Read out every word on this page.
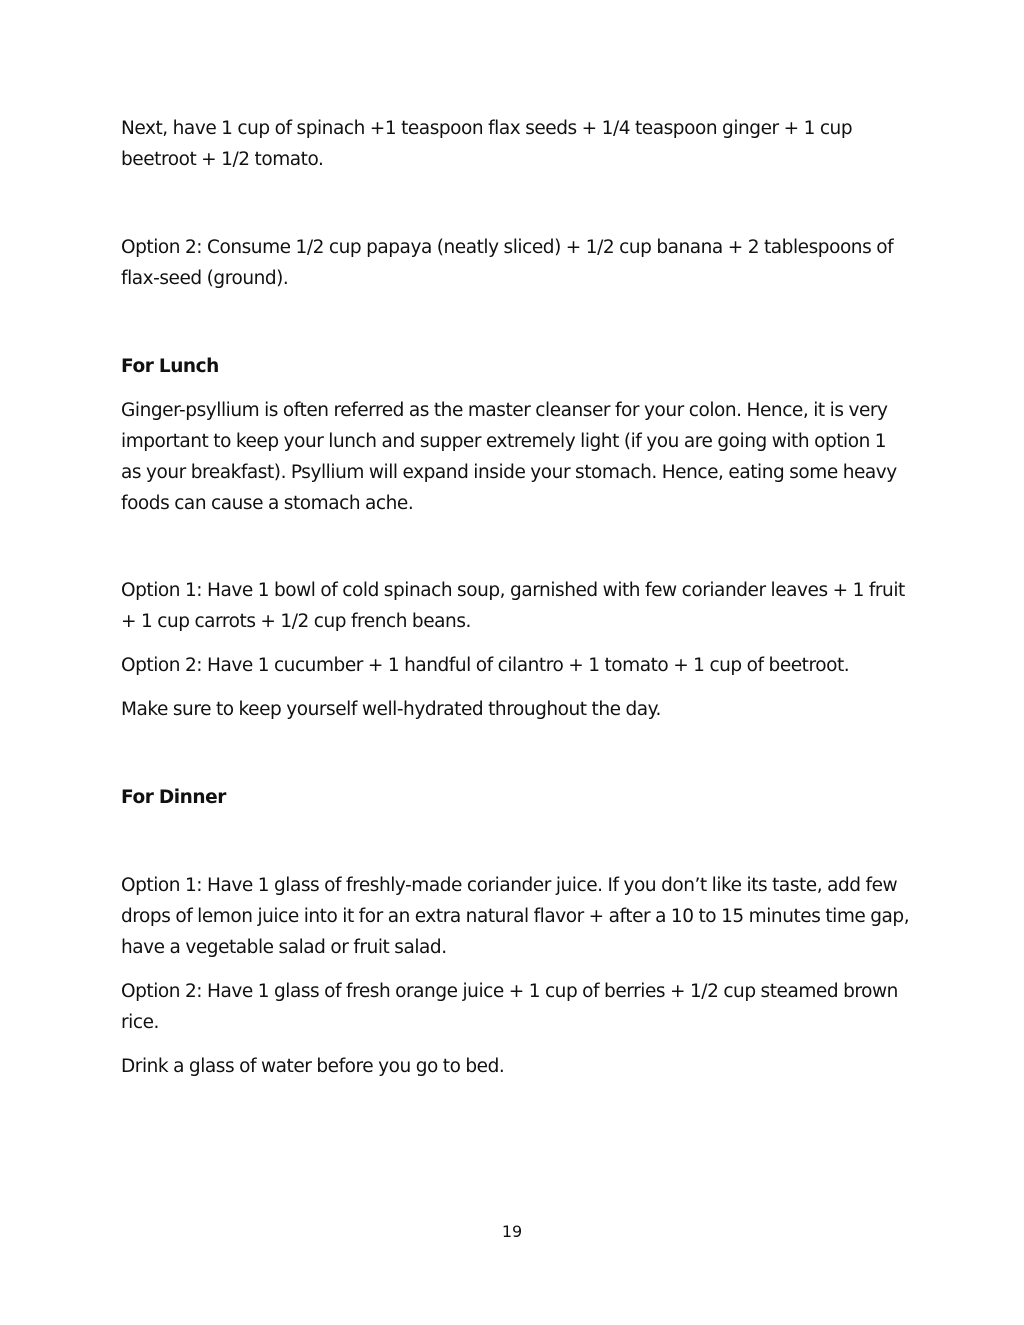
Next, have 1 cup of spinach +1 teaspoon flax seeds + 1/4 teaspoon ginger + 1 cup beetroot + 1/2 tomato.

Option 2: Consume 1/2 cup papaya (neatly sliced) + 1/2 cup banana + 2 tablespoons of flax-seed (ground).

For Lunch

Ginger-psyllium is often referred as the master cleanser for your colon. Hence, it is very important to keep your lunch and supper extremely light (if you are going with option 1 as your breakfast). Psyllium will expand inside your stomach. Hence, eating some heavy foods can cause a stomach ache.

Option 1: Have 1 bowl of cold spinach soup, garnished with few coriander leaves + 1 fruit + 1 cup carrots + 1/2 cup french beans.

Option 2: Have 1 cucumber + 1 handful of cilantro + 1 tomato + 1 cup of beetroot.

Make sure to keep yourself well-hydrated throughout the day.

For Dinner

Option 1: Have 1 glass of freshly-made coriander juice. If you don’t like its taste, add few drops of lemon juice into it for an extra natural flavor + after a 10 to 15 minutes time gap, have a vegetable salad or fruit salad.

Option 2: Have 1 glass of fresh orange juice + 1 cup of berries + 1/2 cup steamed brown rice.

Drink a glass of water before you go to bed.

19
